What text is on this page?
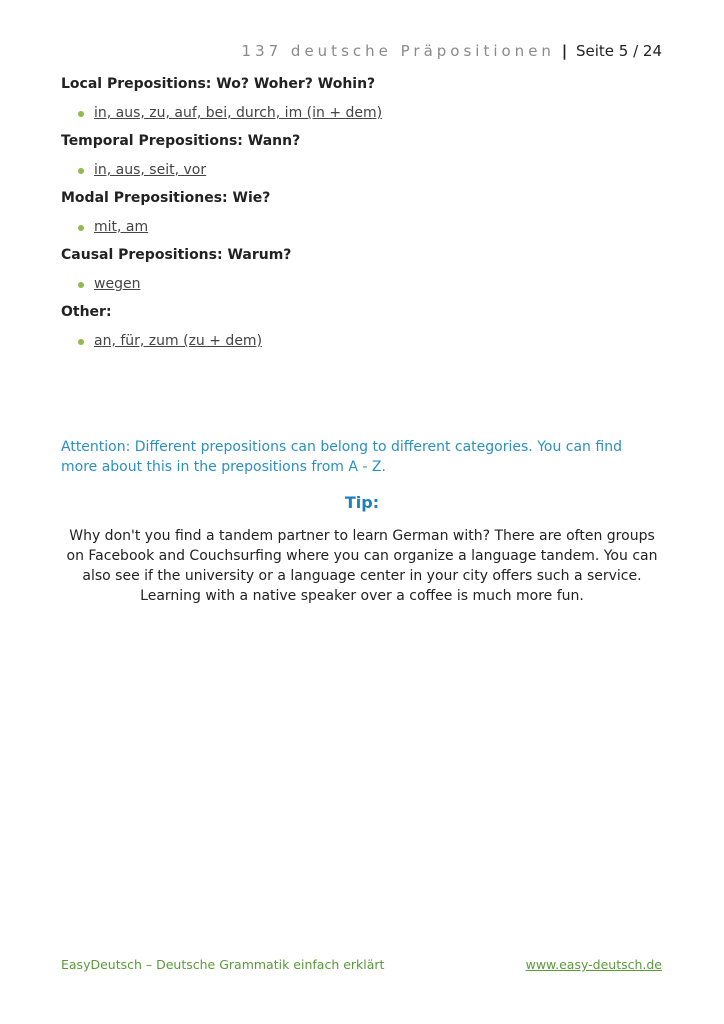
137 deutsche Präpositionen | Seite 5 / 24

Local Prepositions: Wo? Woher? Wohin?

in, aus, zu, auf, bei, durch, im (in + dem)

Temporal Prepositions: Wann?

in, aus, seit, vor

Modal Prepositiones: Wie?

mit, am

Causal Prepositions: Warum?

wegen

Other:

an, für, zum (zu + dem)
Attention: Different prepositions can belong to different categories. You can find more about this in the prepositions from A - Z.
Tip:
Why don't you find a tandem partner to learn German with? There are often groups on Facebook and Couchsurfing where you can organize a language tandem. You can also see if the university or a language center in your city offers such a service. Learning with a native speaker over a coffee is much more fun.
EasyDeutsch – Deutsche Grammatik einfach erklärt	www.easy-deutsch.de
